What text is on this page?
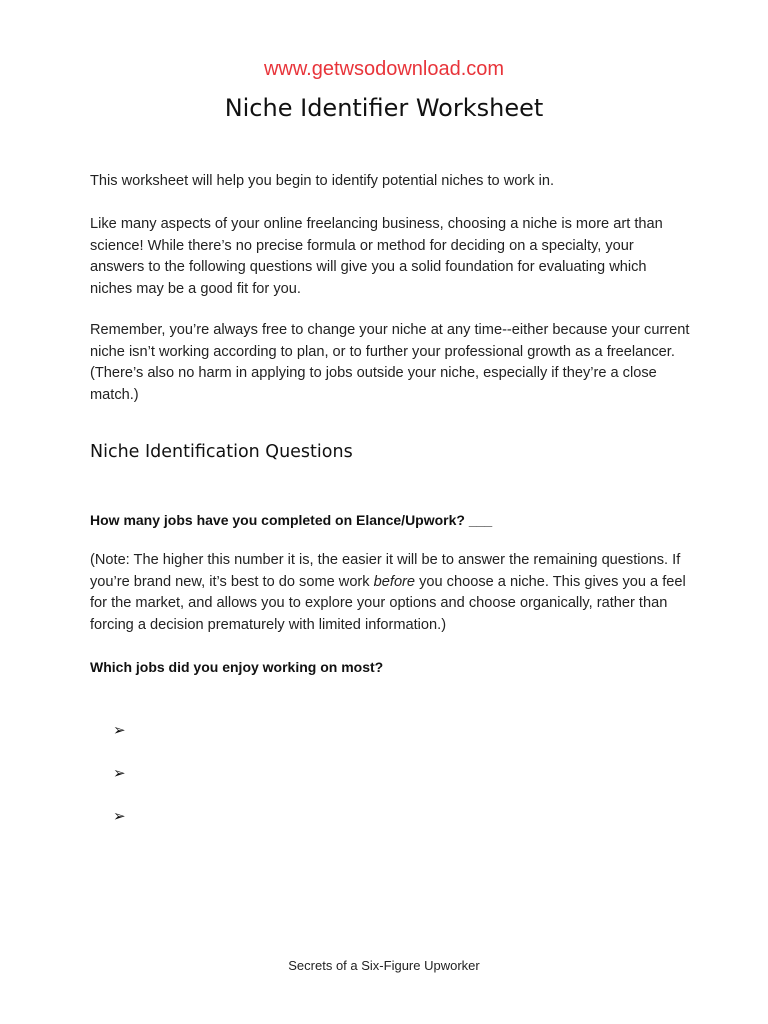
www.getwsodownload.com
Niche Identifier Worksheet
This worksheet will help you begin to identify potential niches to work in.
Like many aspects of your online freelancing business, choosing a niche is more art than science! While there’s no precise formula or method for deciding on a specialty, your answers to the following questions will give you a solid foundation for evaluating which niches may be a good fit for you.
Remember, you’re always free to change your niche at any time--either because your current niche isn’t working according to plan, or to further your professional growth as a freelancer. (There’s also no harm in applying to jobs outside your niche, especially if they’re a close match.)
Niche Identification Questions
How many jobs have you completed on Elance/Upwork? ___
(Note: The higher this number it is, the easier it will be to answer the remaining questions. If you’re brand new, it’s best to do some work before you choose a niche. This gives you a feel for the market, and allows you to explore your options and choose organically, rather than forcing a decision prematurely with limited information.)
Which jobs did you enjoy working on most?
➢
➢
➢
Secrets of a Six-Figure Upworker
